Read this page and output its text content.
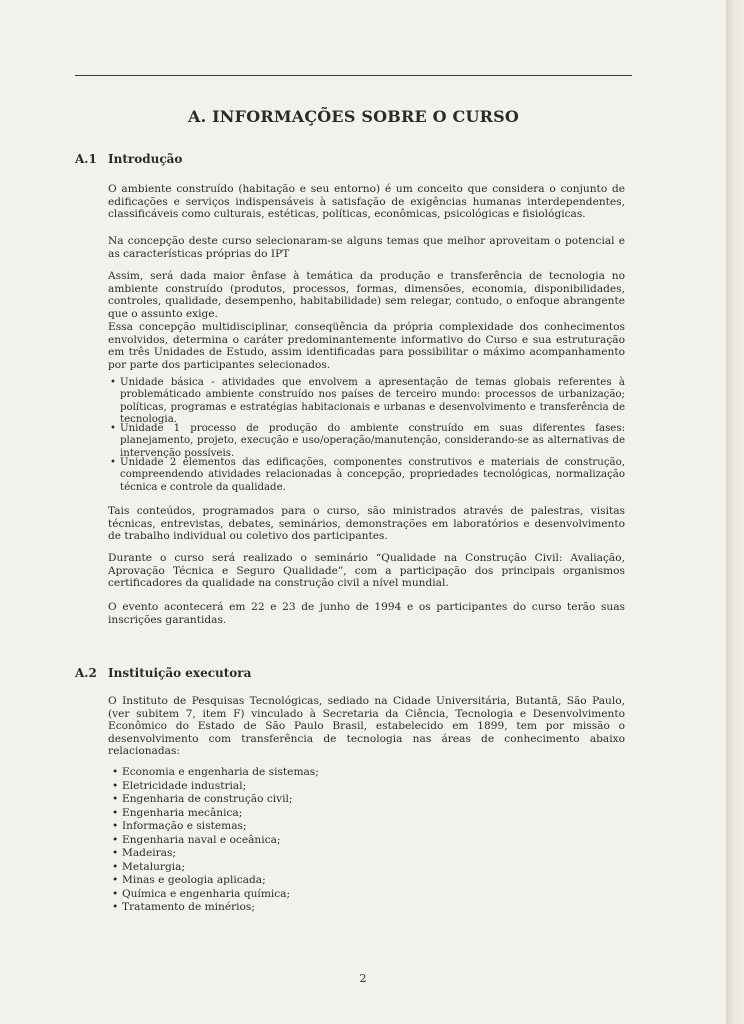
A. INFORMAÇÕES SOBRE O CURSO
A.1 Introdução
O ambiente construído (habitação e seu entorno) é um conceito que considera o conjunto de edificações e serviços indispensáveis à satisfação de exigências humanas interdependentes, classificáveis como culturais, estéticas, políticas, econômicas, psicológicas e fisiológicas.
Na concepção deste curso selecionaram-se alguns temas que melhor aproveitam o potencial e as características próprias do IPT
Assim, será dada maior ênfase à temática da produção e transferência de tecnologia no ambiente construído (produtos, processos, formas, dimensões, economia, disponibilidades, controles, qualidade, desempenho, habitabilidade) sem relegar, contudo, o enfoque abrangente que o assunto exige.
Essa concepção multidisciplinar, conseqüência da própria complexidade dos conhecimentos envolvidos, determina o caráter predominantemente informativo do Curso e sua estruturação em três Unidades de Estudo, assim identificadas para possibilitar o máximo acompanhamento por parte dos participantes selecionados.
• Unidade básica - atividades que envolvem a apresentação de temas globais referentes à problemáticado ambiente construído nos países de terceiro mundo: processos de urbanização; políticas, programas e estratégias habitacionais e urbanas e desenvolvimento e transferência de tecnologia.
• Unidade 1 processo de produção do ambiente construído em suas diferentes fases: planejamento, projeto, execução e uso/operação/manutenção, considerando-se as alternativas de intervenção possíveis.
• Unidade 2 elementos das edificações, componentes construtivos e materiais de construção, compreendendo atividades relacionadas à concepção, propriedades tecnológicas, normalização técnica e controle da qualidade.
Tais conteúdos, programados para o curso, são ministrados através de palestras, visitas técnicas, entrevistas, debates, seminários, demonstrações em laboratórios e desenvolvimento de trabalho individual ou coletivo dos participantes.
Durante o curso será realizado o seminário “Qualidade na Construção Civil: Avaliação, Aprovação Técnica e Seguro Qualidade”, com a participação dos principais organismos certificadores da qualidade na construção civil a nível mundial.
O evento acontecerá em 22 e 23 de junho de 1994 e os participantes do curso terão suas inscrições garantidas.
A.2 Instituição executora
O Instituto de Pesquisas Tecnológicas, sediado na Cidade Universitária, Butantã, São Paulo, (ver subitem 7, item F) vinculado à Secretaria da Ciência, Tecnologia e Desenvolvimento Econômico do Estado de São Paulo Brasil, estabelecido em 1899, tem por missão o desenvolvimento com transferência de tecnologia nas áreas de conhecimento abaixo relacionadas:
• Economia e engenharia de sistemas;
• Eletricidade industrial;
• Engenharia de construção civil;
• Engenharia mecânica;
• Informação e sistemas;
• Engenharia naval e oceânica;
• Madeiras;
• Metalurgia;
• Minas e geologia aplicada;
• Química e engenharia química;
• Tratamento de minérios;
2
